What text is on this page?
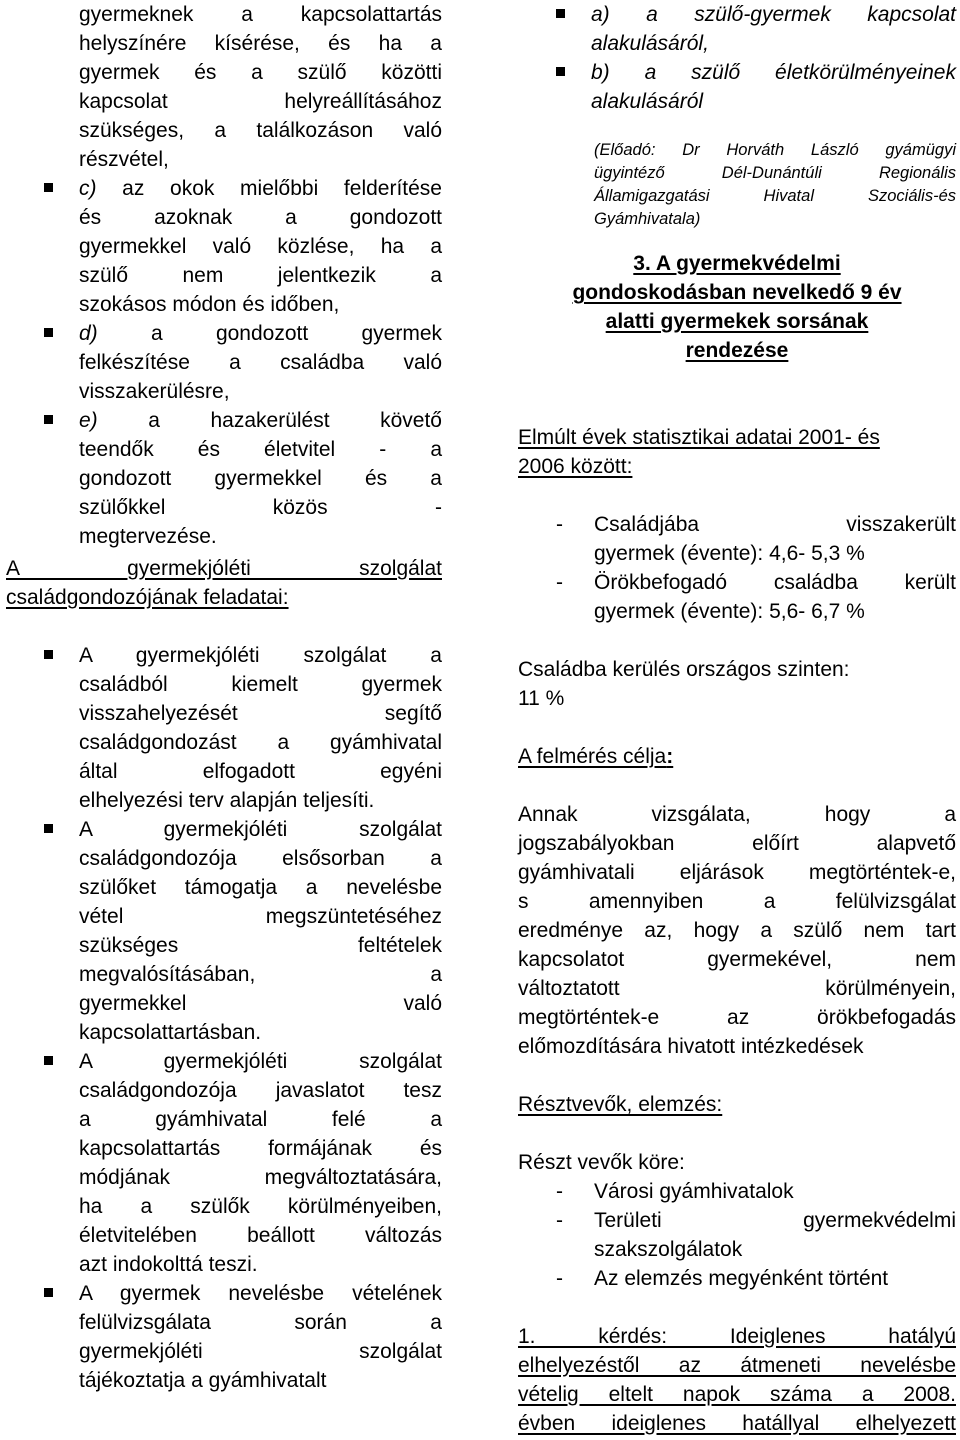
gyermeknek a kapcsolattartás
helyszínére kísérése, és ha a
gyermek és a szülő közötti
kapcsolat helyreállításához
szükséges, a találkozáson való
részvétel,
c) az okok mielőbbi felderítése
és azoknak a gondozott
gyermekkel való közlése, ha a
szülő nem jelentkezik a
szokásos módon és időben,
d)	a gondozott gyermek
felkészítése a családba való
visszakerülésre,
e) a hazakerülést követő
teendők és életvitel - a
gondozott gyermekkel és a
szülőkkel közös -
megtervezése.
A gyermekjóléti szolgálat
családgondozójának feladatai:
A gyermekjóléti szolgálat a
családból kiemelt gyermek
visszahelyezését segítő
családgondozást a gyámhivatal
által elfogadott egyéni
elhelyezési terv alapján teljesíti.
A gyermekjóléti szolgálat
családgondozója elsősorban a
szülőket támogatja a nevelésbe
vétel megszüntetéséhez
szükséges feltételek
megvalósításában, a
gyermekkel való
kapcsolattartásban.
A gyermekjóléti szolgálat
családgondozója javaslatot tesz
a gyámhivatal felé a
kapcsolattartás formájának és
módjának megváltoztatására,
ha a szülők körülményeiben,
életvitelében beállott változás
azt indokolttá teszi.
A gyermek nevelésbe vételének
felülvizsgálata során a
gyermekjóléti szolgálat
tájékoztatja a gyámhivatalt
a) a szülő-gyermek kapcsolat
alakulásáról,
b) a szülő életkörülményeinek
alakulásáról
(Előadó: Dr Horváth László gyámügyi
ügyintéző Dél-Dunántúli Regionális
Államigazgatási Hivatal Szociális-és
Gyámhivatala)
3. A gyermekvédelmi
gondoskodásban nevelkedő 9 év
alatti gyermekek sorsának
rendezése
Elmúlt évek statisztikai adatai 2001- és
2006 között:
- Családjába visszakerült
gyermek (évente): 4,6- 5,3 %
- Örökbefogadó családba került
gyermek (évente): 5,6- 6,7 %
Családba kerülés országos szinten:
11 %
A felmérés célja:
Annak vizsgálata, hogy a
jogszabályokban előírt alapvető
gyámhivatali eljárások megtörténtek-e,
s amennyiben a felülvizsgálat
eredménye az, hogy a szülő nem tart
kapcsolatot gyermekével, nem
változtatott körülményein,
megtörténtek-e az örökbefogadás
előmozdítására hivatott intézkedések
Résztvevők, elemzés:
Részt vevők köre:
- Városi gyámhivatalok
- Területi gyermekvédelmi
szakszolgálatok
- Az elemzés megyénként történt
1. kérdés: Ideiglenes hatályú
elhelyezéstől az átmeneti nevelésbe
vételig eltelt napok száma a 2008.
évben ideiglenes hatállyal elhelyezett
